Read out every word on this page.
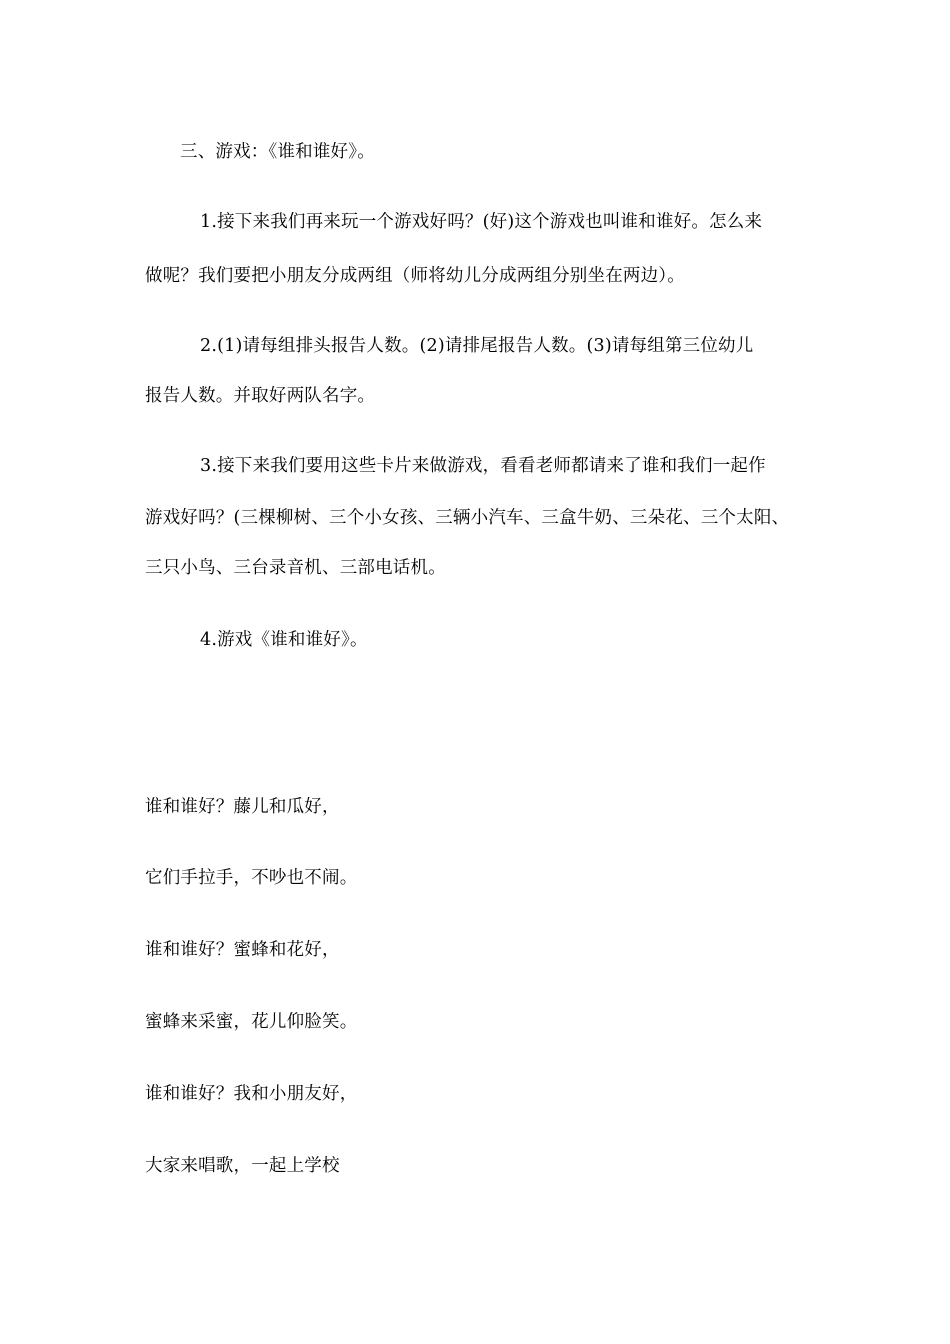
三、游戏：《谁和谁好》。
1.接下来我们再来玩一个游戏好吗？(好)这个游戏也叫谁和谁好。怎么来
做呢？我们要把小朋友分成两组（师将幼儿分成两组分别坐在两边）。
2.(1)请每组排头报告人数。(2)请排尾报告人数。(3)请每组第三位幼儿
报告人数。并取好两队名字。
3.接下来我们要用这些卡片来做游戏，看看老师都请来了谁和我们一起作
游戏好吗？(三棵柳树、三个小女孩、三辆小汽车、三盒牛奶、三朵花、三个太阳、
三只小鸟、三台录音机、三部电话机。
4.游戏《谁和谁好》。
谁和谁好？藤儿和瓜好，
它们手拉手，不吵也不闹。
谁和谁好？蜜蜂和花好，
蜜蜂来采蜜，花儿仰脸笑。
谁和谁好？我和小朋友好，
大家来唱歌，一起上学校
